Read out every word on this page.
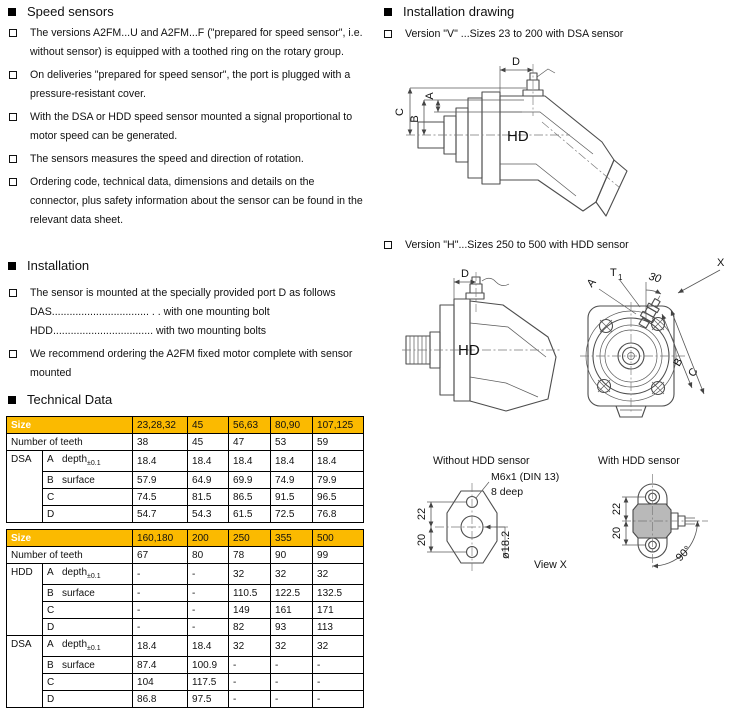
Speed sensors
The versions A2FM...U and A2FM...F ("prepared for speed sensor", i.e. without sensor) is equipped with a toothed ring on the rotary group.
On deliveries "prepared for speed sensor", the port is plugged with a pressure-resistant cover.
With the DSA or HDD speed sensor mounted a signal proportional to motor speed can be generated.
The sensors measures the speed and direction of rotation.
Ordering code, technical data, dimensions and details on the connector, plus safety information about the sensor can be found in the relevant data sheet.
Installation
The sensor is mounted at the specially provided port D as follows
DAS................................. . . with one mounting bolt
HDD.................................. with two mounting bolts
We recommend ordering the A2FM fixed motor complete with sensor mounted
Technical Data
Size		23,28,32	45	56,63	80,90	107,125
Number of teeth		38	45	47	53	59
DSA	A depth$_{\pm 0.1}$	18.4	18.4	18.4	18.4	18.4
	B surface	57.9	64.9	69.9	74.9	79.9
	C	74.5	81.5	86.5	91.5	96.5
	D	54.7	54.3	61.5	72.5	76.8
Size		160,180	200	250	355	500
Number of teeth		67	80	78	90	99
HDD	A depth$_{\pm 0.1}$	-	-	32	32	32
	B surface	-	-	110.5	122.5	132.5
	C	-	-	149	161	171
	D	-	-	82	93	113
DSA	A depth$_{\pm 0.1}$	18.4	18.4	32	32	32
	B surface	87.4	100.9	-	-	-
	C	104	117.5	-	-	-
	D	86.8	97.5	-	-	-
Installation drawing
Version "V" ...Sizes 23 to 200 with DSA sensor
D
C
B
A
HD
Version "H"...Sizes 250 to 500 with HDD sensor
D
HD
30
T 1
X
A
B
C
Without HDD sensor	With HDD sensor
22
20	ø18.2
M6x1 (DIN 13)
8 deep
View X
22
20
90°
